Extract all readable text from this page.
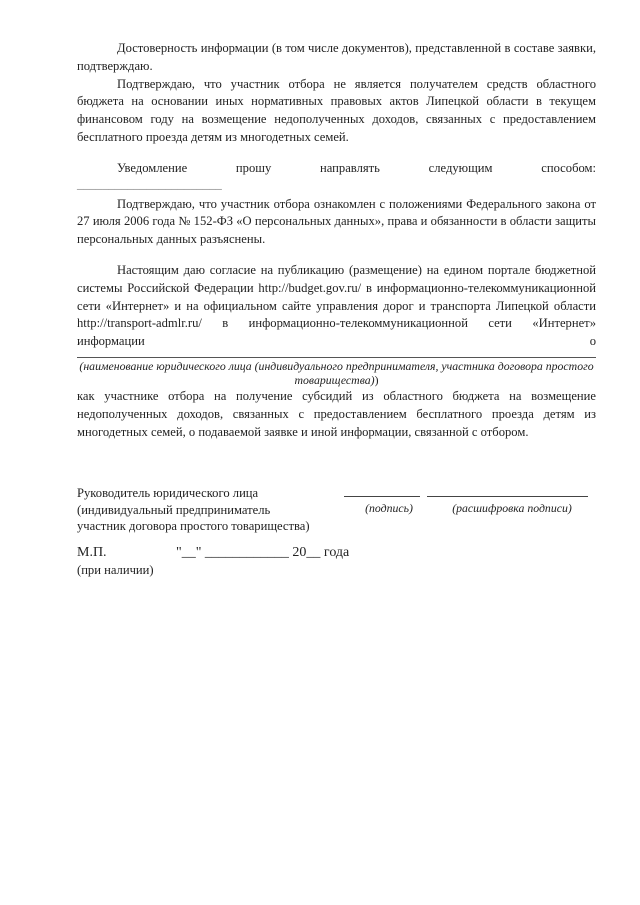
Достоверность информации (в том числе документов), представленной в составе заявки, подтверждаю.

Подтверждаю, что участник отбора не является получателем средств областного бюджета на основании иных нормативных правовых актов Липецкой области в текущем финансовом году на возмещение недополученных доходов, связанных с предоставлением бесплатного проезда детям из многодетных семей.

Уведомление прошу направлять следующим способом:

_______________________

Подтверждаю, что участник отбора ознакомлен с положениями Федерального закона от 27 июля 2006 года № 152-ФЗ «О персональных данных», права и обязанности в области защиты персональных данных разъяснены.

Настоящим даю согласие на публикацию (размещение) на едином портале бюджетной системы Российской Федерации http://budget.gov.ru/ в информационно-телекоммуникационной сети «Интернет» и на официальном сайте управления дорог и транспорта Липецкой области http://transport-admlr.ru/ в информационно-телекоммуникационной сети «Интернет» информации о

(наименование юридического лица (индивидуального предпринимателя, участника договора простого товарищества))

как участнике отбора на получение субсидий из областного бюджета на возмещение недополученных доходов, связанных с предоставлением бесплатного проезда детям из многодетных семей, о подаваемой заявке и иной информации, связанной с отбором.

Руководитель юридического лица
(индивидуальный предприниматель
участник договора простого товарищества)
(подпись)	(расшифровка подписи)
М.П.
(при наличии)
"__" ____________ 20__ года
